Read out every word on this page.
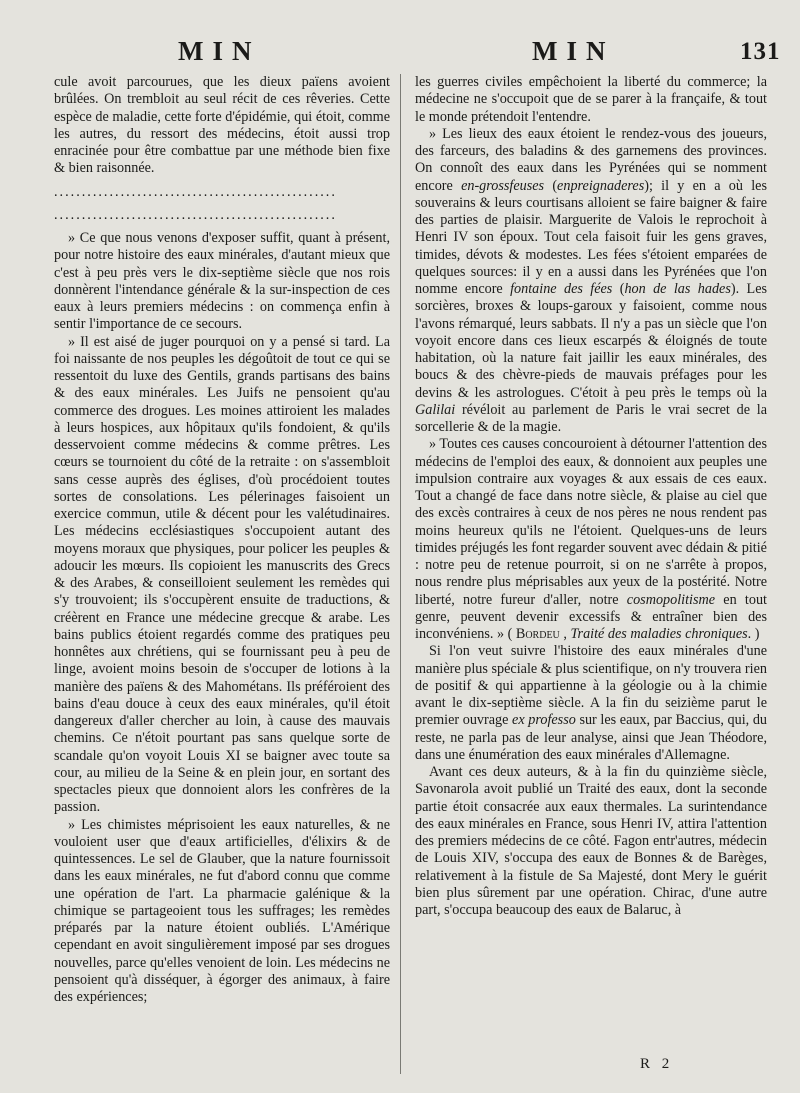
MIN	MIN	131

cule avoit parcourues, que les dieux païens avoient brûlées. On trembloit au seul récit de ces rêveries. Cette espèce de maladie, cette forte d'épidémie, qui étoit, comme les autres, du ressort des médecins, étoit aussi trop enracinée pour être combattue par une méthode bien fixe & bien raisonnée.

...................................................
...................................................

» Ce que nous venons d'exposer suffit, quant à présent, pour notre histoire des eaux minérales, d'autant mieux que c'est à peu près vers le dix-septième siècle que nos rois donnèrent l'intendance générale & la sur-inspection de ces eaux à leurs premiers médecins : on commença enfin à sentir l'importance de ce secours.

» Il est aisé de juger pourquoi on y a pensé si tard. La foi naissante de nos peuples les dégoûtoit de tout ce qui se ressentoit du luxe des Gentils, grands partisans des bains & des eaux minérales. Les Juifs ne pensoient qu'au commerce des drogues. Les moines attiroient les malades à leurs hospices, aux hôpitaux qu'ils fondoient, & qu'ils desservoient comme médecins & comme prêtres. Les cœurs se tournoient du côté de la retraite : on s'assembloit sans cesse auprès des églises, d'où procédoient toutes sortes de consolations. Les pélerinages faisoient un exercice commun, utile & décent pour les valétudinaires. Les médecins ecclésiastiques s'occupoient autant des moyens moraux que physiques, pour policer les peuples & adoucir les mœurs. Ils copioient les manuscrits des Grecs & des Arabes, & conseilloient seulement les remèdes qui s'y trouvoient; ils s'occupèrent ensuite de traductions, & créèrent en France une médecine grecque & arabe. Les bains publics étoient regardés comme des pratiques peu honnêtes aux chrétiens, qui se fournissant peu à peu de linge, avoient moins besoin de s'occuper de lotions à la manière des païens & des Mahométans. Ils préféroient des bains d'eau douce à ceux des eaux minérales, qu'il étoit dangereux d'aller chercher au loin, à cause des mauvais chemins. Ce n'étoit pourtant pas sans quelque sorte de scandale qu'on voyoit Louis XI se baigner avec toute sa cour, au milieu de la Seine & en plein jour, en sortant des spectacles pieux que donnoient alors les confrères de la passion.

» Les chimistes méprisoient les eaux naturelles, & ne vouloient user que d'eaux artificielles, d'élixirs & de quintessences. Le sel de Glauber, que la nature fournissoit dans les eaux minérales, ne fut d'abord connu que comme une opération de l'art. La pharmacie galénique & la chimique se partageoient tous les suffrages; les remèdes préparés par la nature étoient oubliés. L'Amérique cependant en avoit singulièrement imposé par ses drogues nouvelles, parce qu'elles venoient de loin. Les médecins ne pensoient qu'à disséquer, à égorger des animaux, à faire des expériences;

les guerres civiles empêchoient la liberté du commerce; la médecine ne s'occupoit que de se parer à la françaife, & tout le monde prétendoit l'entendre.

» Les lieux des eaux étoient le rendez-vous des joueurs, des farceurs, des baladins & des garnemens des provinces. On connoît des eaux dans les Pyrénées qui se nomment encore en-grossfeuses (enpreignaderes); il y en a où les souverains & leurs courtisans alloient se faire baigner & faire des parties de plaisir. Marguerite de Valois le reprochoit à Henri IV son époux. Tout cela faisoit fuir les gens graves, timides, dévots & modestes. Les fées s'étoient emparées de quelques sources: il y en a aussi dans les Pyrénées que l'on nomme encore fontaine des fées (hon de las hades). Les sorcières, broxes & loups-garoux y faisoient, comme nous l'avons rémarqué, leurs sabbats. Il n'y a pas un siècle que l'on voyoit encore dans ces lieux escarpés & éloignés de toute habitation, où la nature fait jaillir les eaux minérales, des boucs & des chèvre-pieds de mauvais préfages pour les devins & les astrologues. C'étoit à peu près le temps où la Galilai révéloit au parlement de Paris le vrai secret de la sorcellerie & de la magie.

» Toutes ces causes concouroient à détourner l'attention des médecins de l'emploi des eaux, & donnoient aux peuples une impulsion contraire aux voyages & aux essais de ces eaux. Tout a changé de face dans notre siècle, & plaise au ciel que des excès contraires à ceux de nos pères ne nous rendent pas moins heureux qu'ils ne l'étoient. Quelques-uns de leurs timides préjugés les font regarder souvent avec dédain & pitié : notre peu de retenue pourroit, si on ne s'arrête à propos, nous rendre plus méprisables aux yeux de la postérité. Notre liberté, notre fureur d'aller, notre cosmopolitisme en tout genre, peuvent devenir excessifs & entraîner bien des inconvéniens. » ( Bordeu , Traité des maladies chroniques. )

Si l'on veut suivre l'histoire des eaux minérales d'une manière plus spéciale & plus scientifique, on n'y trouvera rien de positif & qui appartienne à la géologie ou à la chimie avant le dix-septième siècle. A la fin du seizième parut le premier ouvrage ex professo sur les eaux, par Baccius, qui, du reste, ne parla pas de leur analyse, ainsi que Jean Théodore, dans une énumération des eaux minérales d'Allemagne.

Avant ces deux auteurs, & à la fin du quinzième siècle, Savonarola avoit publié un Traité des eaux, dont la seconde partie étoit consacrée aux eaux thermales. La surintendance des eaux minérales en France, sous Henri IV, attira l'attention des premiers médecins de ce côté. Fagon entr'autres, médecin de Louis XIV, s'occupa des eaux de Bonnes & de Barèges, relativement à la fistule de Sa Majesté, dont Mery le guérit bien plus sûrement par une opération. Chirac, d'une autre part, s'occupa beaucoup des eaux de Balaruc, à

R 2
